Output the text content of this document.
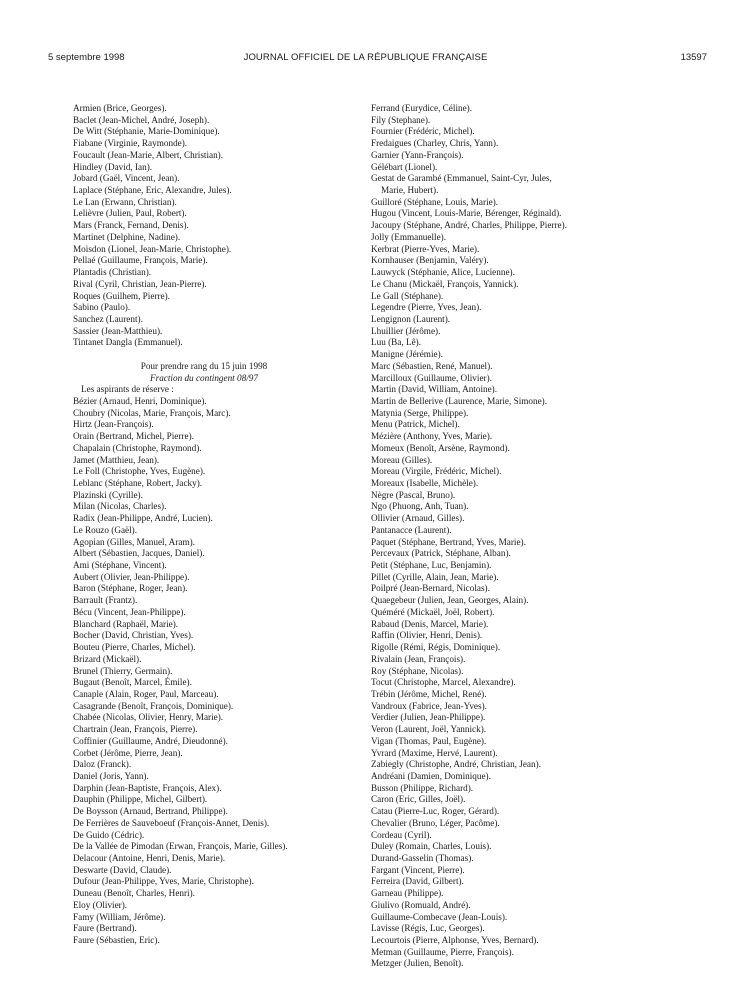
5 septembre 1998	JOURNAL OFFICIEL DE LA RÉPUBLIQUE FRANÇAISE	13597
Armien (Brice, Georges).
Baclet (Jean-Michel, André, Joseph).
De Witt (Stéphanie, Marie-Dominique).
Fiabane (Virginie, Raymonde).
Foucault (Jean-Marie, Albert, Christian).
Hindley (David, Ian).
Jobard (Gaël, Vincent, Jean).
Laplace (Stéphane, Eric, Alexandre, Jules).
Le Lan (Erwann, Christian).
Lelièvre (Julien, Paul, Robert).
Mars (Franck, Fernand, Denis).
Martinet (Delphine, Nadine).
Moisdon (Lionel, Jean-Marie, Christophe).
Pellaé (Guillaume, François, Marie).
Plantadis (Christian).
Rival (Cyril, Christian, Jean-Pierre).
Roques (Guilhem, Pierre).
Sabino (Paulo).
Sanchez (Laurent).
Sassier (Jean-Matthieu).
Tintanet Dangla (Emmanuel).
Pour prendre rang du 15 juin 1998
Fraction du contingent 08/97
Les aspirants de réserve :
Bézier (Arnaud, Henri, Dominique).
Choubry (Nicolas, Marie, François, Marc).
Hirtz (Jean-François).
Orain (Bertrand, Michel, Pierre).
Chapalain (Christophe, Raymond).
Jamet (Matthieu, Jean).
Le Foll (Christophe, Yves, Eugène).
Leblanc (Stéphane, Robert, Jacky).
Plazinski (Cyrille).
Milan (Nicolas, Charles).
Radix (Jean-Philippe, André, Lucien).
Le Rouzo (Gaël).
Agopian (Gilles, Manuel, Aram).
Albert (Sébastien, Jacques, Daniel).
Ami (Stéphane, Vincent).
Aubert (Olivier, Jean-Philippe).
Baron (Stéphane, Roger, Jean).
Barrault (Frantz).
Bécu (Vincent, Jean-Philippe).
Blanchard (Raphaël, Marie).
Bocher (David, Christian, Yves).
Bouteu (Pierre, Charles, Michel).
Brizard (Mickaël).
Brunel (Thierry, Germain).
Bugaut (Benoît, Marcel, Émile).
Canaple (Alain, Roger, Paul, Marceau).
Casagrande (Benoît, François, Dominique).
Chabée (Nicolas, Olivier, Henry, Marie).
Chartrain (Jean, François, Pierre).
Coffinier (Guillaume, André, Dieudonné).
Corbet (Jérôme, Pierre, Jean).
Daloz (Franck).
Daniel (Joris, Yann).
Darphin (Jean-Baptiste, François, Alex).
Dauphin (Philippe, Michel, Gilbert).
De Boysson (Arnaud, Bertrand, Philippe).
De Ferrières de Sauveboeuf (François-Annet, Denis).
De Guido (Cédric).
De la Vallée de Pimodan (Erwan, François, Marie, Gilles).
Delacour (Antoine, Henri, Denis, Marie).
Deswarte (David, Claude).
Dufour (Jean-Philippe, Yves, Marie, Christophe).
Duneau (Benoît, Charles, Henri).
Eloy (Olivier).
Famy (William, Jérôme).
Faure (Bertrand).
Faure (Sébastien, Eric).
Ferrand (Eurydice, Céline).
Fily (Stephane).
Fournier (Frédéric, Michel).
Fredaigues (Charley, Chris, Yann).
Garnier (Yann-François).
Gélébart (Lionel).
Gestat de Garambé (Emmanuel, Saint-Cyr, Jules,
Marie, Hubert).
Guilloré (Stéphane, Louis, Marie).
Hugou (Vincent, Louis-Marie, Bérenger, Réginald).
Jacoupy (Stéphane, André, Charles, Philippe, Pierre).
Jolly (Emmanuelle).
Kerbrat (Pierre-Yves, Marie).
Kornhauser (Benjamin, Valéry).
Lauwyck (Stéphanie, Alice, Lucienne).
Le Chanu (Mickaël, François, Yannick).
Le Gall (Stéphane).
Legendre (Pierre, Yves, Jean).
Lengignon (Laurent).
Lhuillier (Jérôme).
Luu (Ba, Lê).
Manigne (Jérémie).
Marc (Sébastien, René, Manuel).
Marcilloux (Guillaume, Olivier).
Martin (David, William, Antoine).
Martin de Bellerive (Laurence, Marie, Simone).
Matynia (Serge, Philippe).
Menu (Patrick, Michel).
Mézière (Anthony, Yves, Marie).
Momeux (Benoît, Arsène, Raymond).
Moreau (Gilles).
Moreau (Virgile, Frédéric, Michel).
Moreaux (Isabelle, Michèle).
Nègre (Pascal, Bruno).
Ngo (Phuong, Anh, Tuan).
Ollivier (Arnaud, Gilles).
Pantanacce (Laurent).
Paquet (Stéphane, Bertrand, Yves, Marie).
Percevaux (Patrick, Stéphane, Alban).
Petit (Stéphane, Luc, Benjamin).
Pillet (Cyrille, Alain, Jean, Marie).
Poilpré (Jean-Bernard, Nicolas).
Quaegebeur (Julien, Jean, Georges, Alain).
Quéméré (Mickaël, Joël, Robert).
Rabaud (Denis, Marcel, Marie).
Raffin (Olivier, Henri, Denis).
Rigolle (Rémi, Régis, Dominique).
Rivalain (Jean, François).
Roy (Stéphane, Nicolas).
Tocut (Christophe, Marcel, Alexandre).
Trébin (Jérôme, Michel, René).
Vandroux (Fabrice, Jean-Yves).
Verdier (Julien, Jean-Philippe).
Veron (Laurent, Joël, Yannick).
Vigan (Thomas, Paul, Eugène).
Yvrard (Maxime, Hervé, Laurent).
Zabiegly (Christophe, André, Christian, Jean).
Andréani (Damien, Dominique).
Busson (Philippe, Richard).
Caron (Eric, Gilles, Joël).
Catau (Pierre-Luc, Roger, Gérard).
Chevalier (Bruno, Léger, Pacôme).
Cordeau (Cyril).
Duley (Romain, Charles, Louis).
Durand-Gasselin (Thomas).
Fargant (Vincent, Pierre).
Ferreira (David, Gilbert).
Garneau (Philippe).
Giulivo (Romuald, André).
Guillaume-Combecave (Jean-Louis).
Lavisse (Régis, Luc, Georges).
Lecourtois (Pierre, Alphonse, Yves, Bernard).
Metman (Guillaume, Pierre, François).
Metzger (Julien, Benoît).
